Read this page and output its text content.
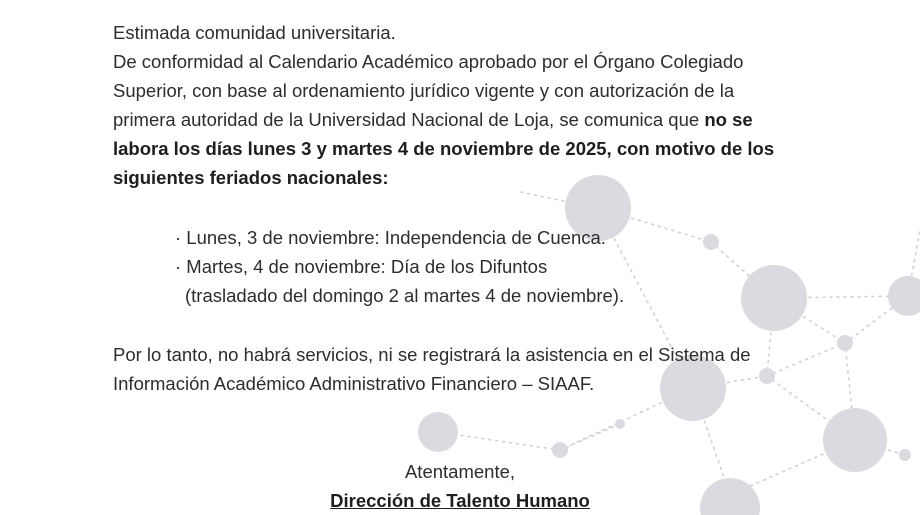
Estimada comunidad universitaria.

De conformidad al Calendario Académico aprobado por el Órgano Colegiado

Superior, con base al ordenamiento jurídico vigente y con autorización de la

primera autoridad de la Universidad Nacional de Loja, se comunica que no se

labora los días lunes 3 y martes 4 de noviembre de 2025, con motivo de los

siguientes feriados nacionales:

· Lunes, 3 de noviembre: Independencia de Cuenca.

· Martes, 4 de noviembre: Día de los Difuntos

(trasladado del domingo 2 al martes 4 de noviembre).

Por lo tanto, no habrá servicios, ni se registrará la asistencia en el Sistema de

Información Académico Administrativo Financiero – SIAAF.

Atentamente,
Dirección de Talento Humano
